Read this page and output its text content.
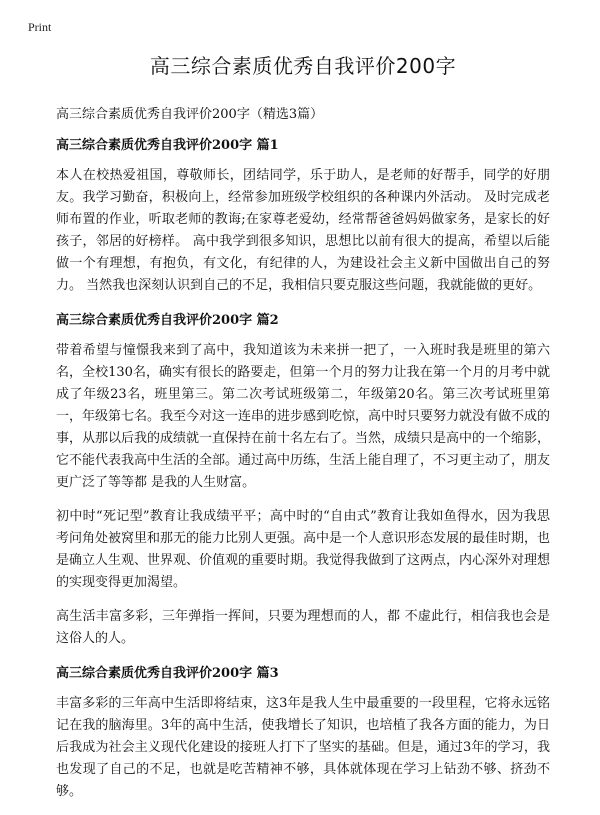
Print
高三综合素质优秀自我评价200字

高三综合素质优秀自我评价200字（精选3篇）

高三综合素质优秀自我评价200字 篇1

本人在校热爱祖国，尊敬师长，团结同学，乐于助人，是老师的好帮手，同学的好朋友。我学习勤奋，积极向上，经常参加班级学校组织的各种课内外活动。 及时完成老师布置的作业，听取老师的教诲;在家尊老爱幼，经常帮爸爸妈妈做家务，是家长的好孩子，邻居的好榜样。 高中我学到很多知识，思想比以前有很大的提高，希望以后能做一个有理想，有抱负，有文化，有纪律的人，为建设社会主义新中国做出自己的努力。 当然我也深刻认识到自己的不足，我相信只要克服这些问题，我就能做的更好。

高三综合素质优秀自我评价200字 篇2

带着希望与憧憬我来到了高中，我知道该为未来拼一把了，一入班时我是班里的第六名，全校130名，确实有很长的路要走，但第一个月的努力让我在第一个月的月考中就成了年级23名，班里第三。第二次考试班级第二，年级第20名。第三次考试班里第一，年级第七名。我至今对这一连串的进步感到吃惊，高中时只要努力就没有做不成的事，从那以后我的成绩就一直保持在前十名左右了。当然，成绩只是高中的一个缩影，它不能代表我高中生活的全部。通过高中历练，生活上能自理了，不习更主动了，朋友更广泛了等等都 是我的人生财富。

初中时“死记型”教育让我成绩平平；高中时的“自由式”教育让我如鱼得水，因为我思考问角处被窝里和那无的能力比别人更强。高中是一个人意识形态发展的最佳时期，也是确立人生观、世界观、价值观的重要时期。我觉得我做到了这两点，内心深外对理想的实现变得更加渴望。

高生活丰富多彩，三年弹指一挥间，只要为理想而的人，都 不虚此行，相信我也会是这俗人的人。

高三综合素质优秀自我评价200字 篇3

丰富多彩的三年高中生活即将结束，这3年是我人生中最重要的一段里程，它将永远铭记在我的脑海里。3年的高中生活，使我增长了知识，也培植了我各方面的能力，为日后我成为社会主义现代化建设的接班人打下了坚实的基础。但是，通过3年的学习，我也发现了自己的不足，也就是吃苦精神不够，具体就体现在学习上钻劲不够、挤劲不够。
